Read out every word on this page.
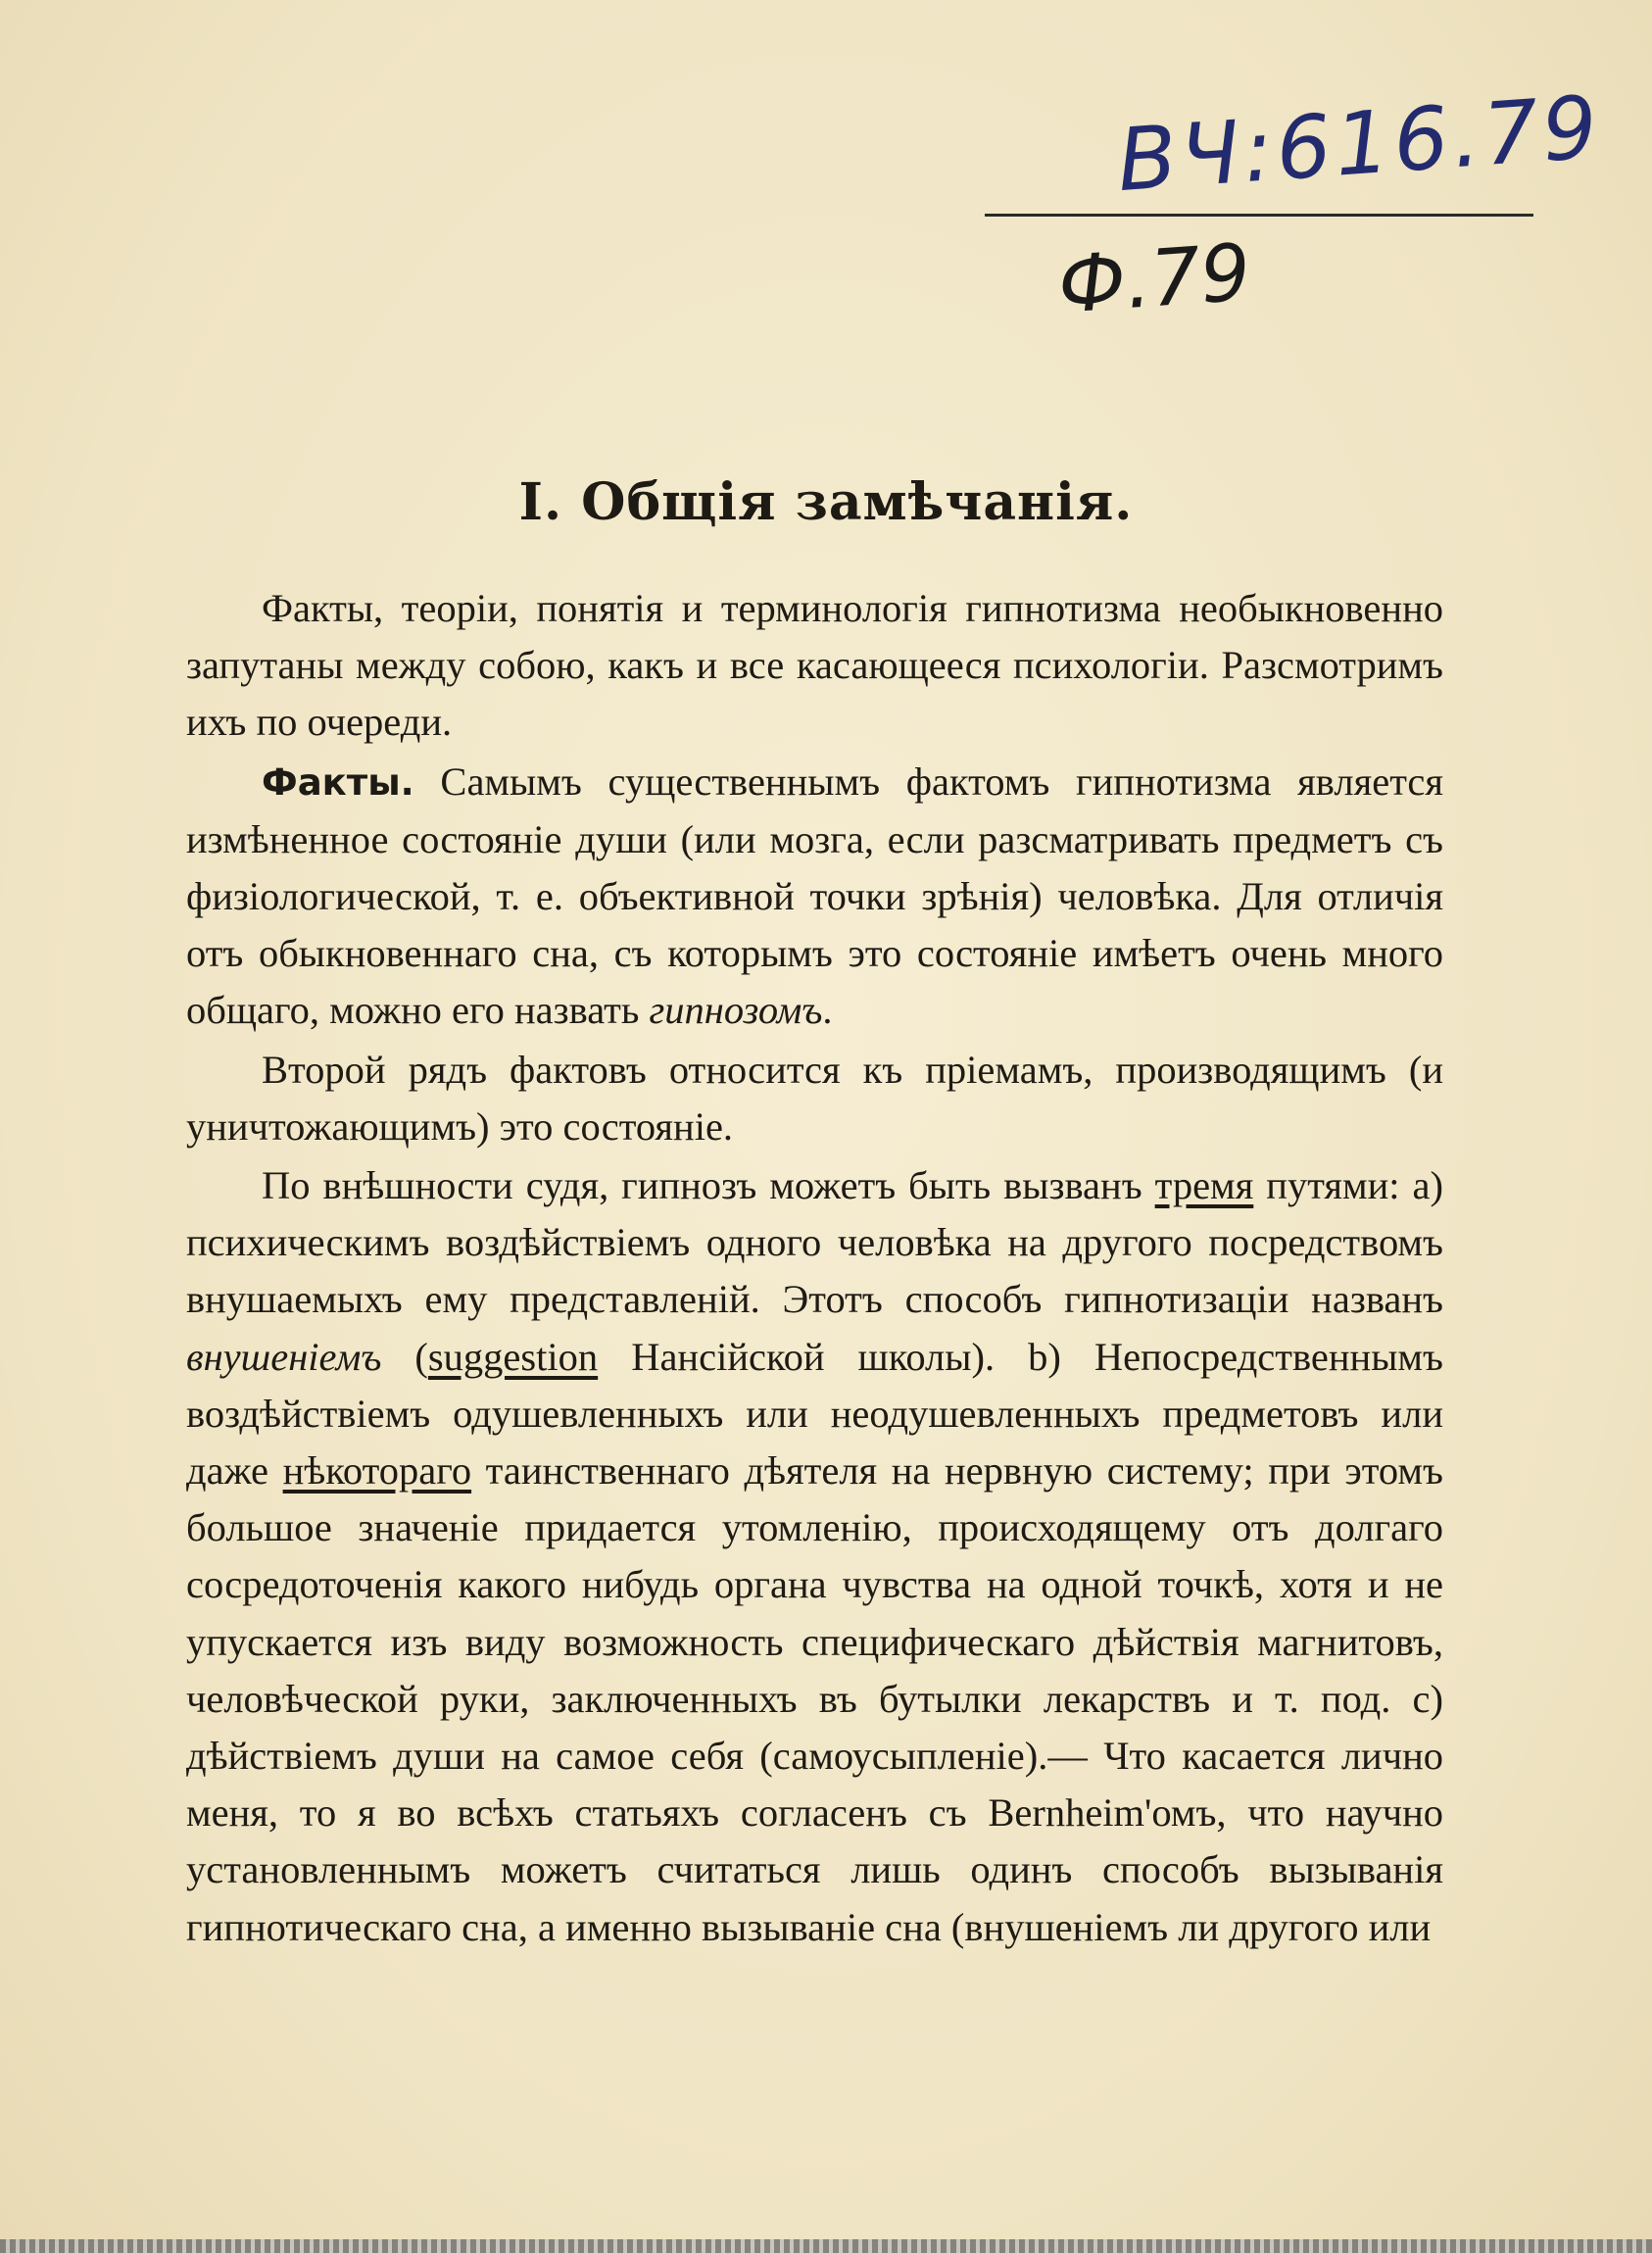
ВЧ:616.79
Ф.79
I. Общія замѣчанія.

Факты, теоріи, понятія и терминологія гипнотизма необыкновенно запутаны между собою, какъ и все касающееся психологіи. Разсмотримъ ихъ по очереди.

Факты. Самымъ существеннымъ фактомъ гипнотизма является измѣненное состояніе души (или мозга, если разсматривать предметъ съ физіологической, т. е. объективной точки зрѣнія) человѣка. Для отличія отъ обыкновеннаго сна, съ которымъ это состояніе имѣетъ очень много общаго, можно его назвать гипнозомъ.

Второй рядъ фактовъ относится къ пріемамъ, производящимъ (и уничтожающимъ) это состояніе.

По внѣшности судя, гипнозъ можетъ быть вызванъ тремя путями: а) психическимъ воздѣйствіемъ одного человѣка на другого посредствомъ внушаемыхъ ему представленій. Этотъ способъ гипнотизаціи названъ внушеніемъ (suggestion Нансійской школы). b) Непосредственнымъ воздѣйствіемъ одушевленныхъ или неодушевленныхъ предметовъ или даже нѣкотораго таинственнаго дѣятеля на нервную систему; при этомъ большое значеніе придается утомленію, происходящему отъ долгаго сосредоточенія какого нибудь органа чувства на одной точкѣ, хотя и не упускается изъ виду возможность специфическаго дѣйствія магнитовъ, человѣческой руки, заключенныхъ въ бутылки лекарствъ и т. под. c) дѣйствіемъ души на самое себя (самоусыпленіе).— Что касается лично меня, то я во всѣхъ статьяхъ согласенъ съ Bernheim'омъ, что научно установленнымъ можетъ считаться лишь одинъ способъ вызыванія гипнотическаго сна, а именно вызываніе сна (внушеніемъ ли другого или
